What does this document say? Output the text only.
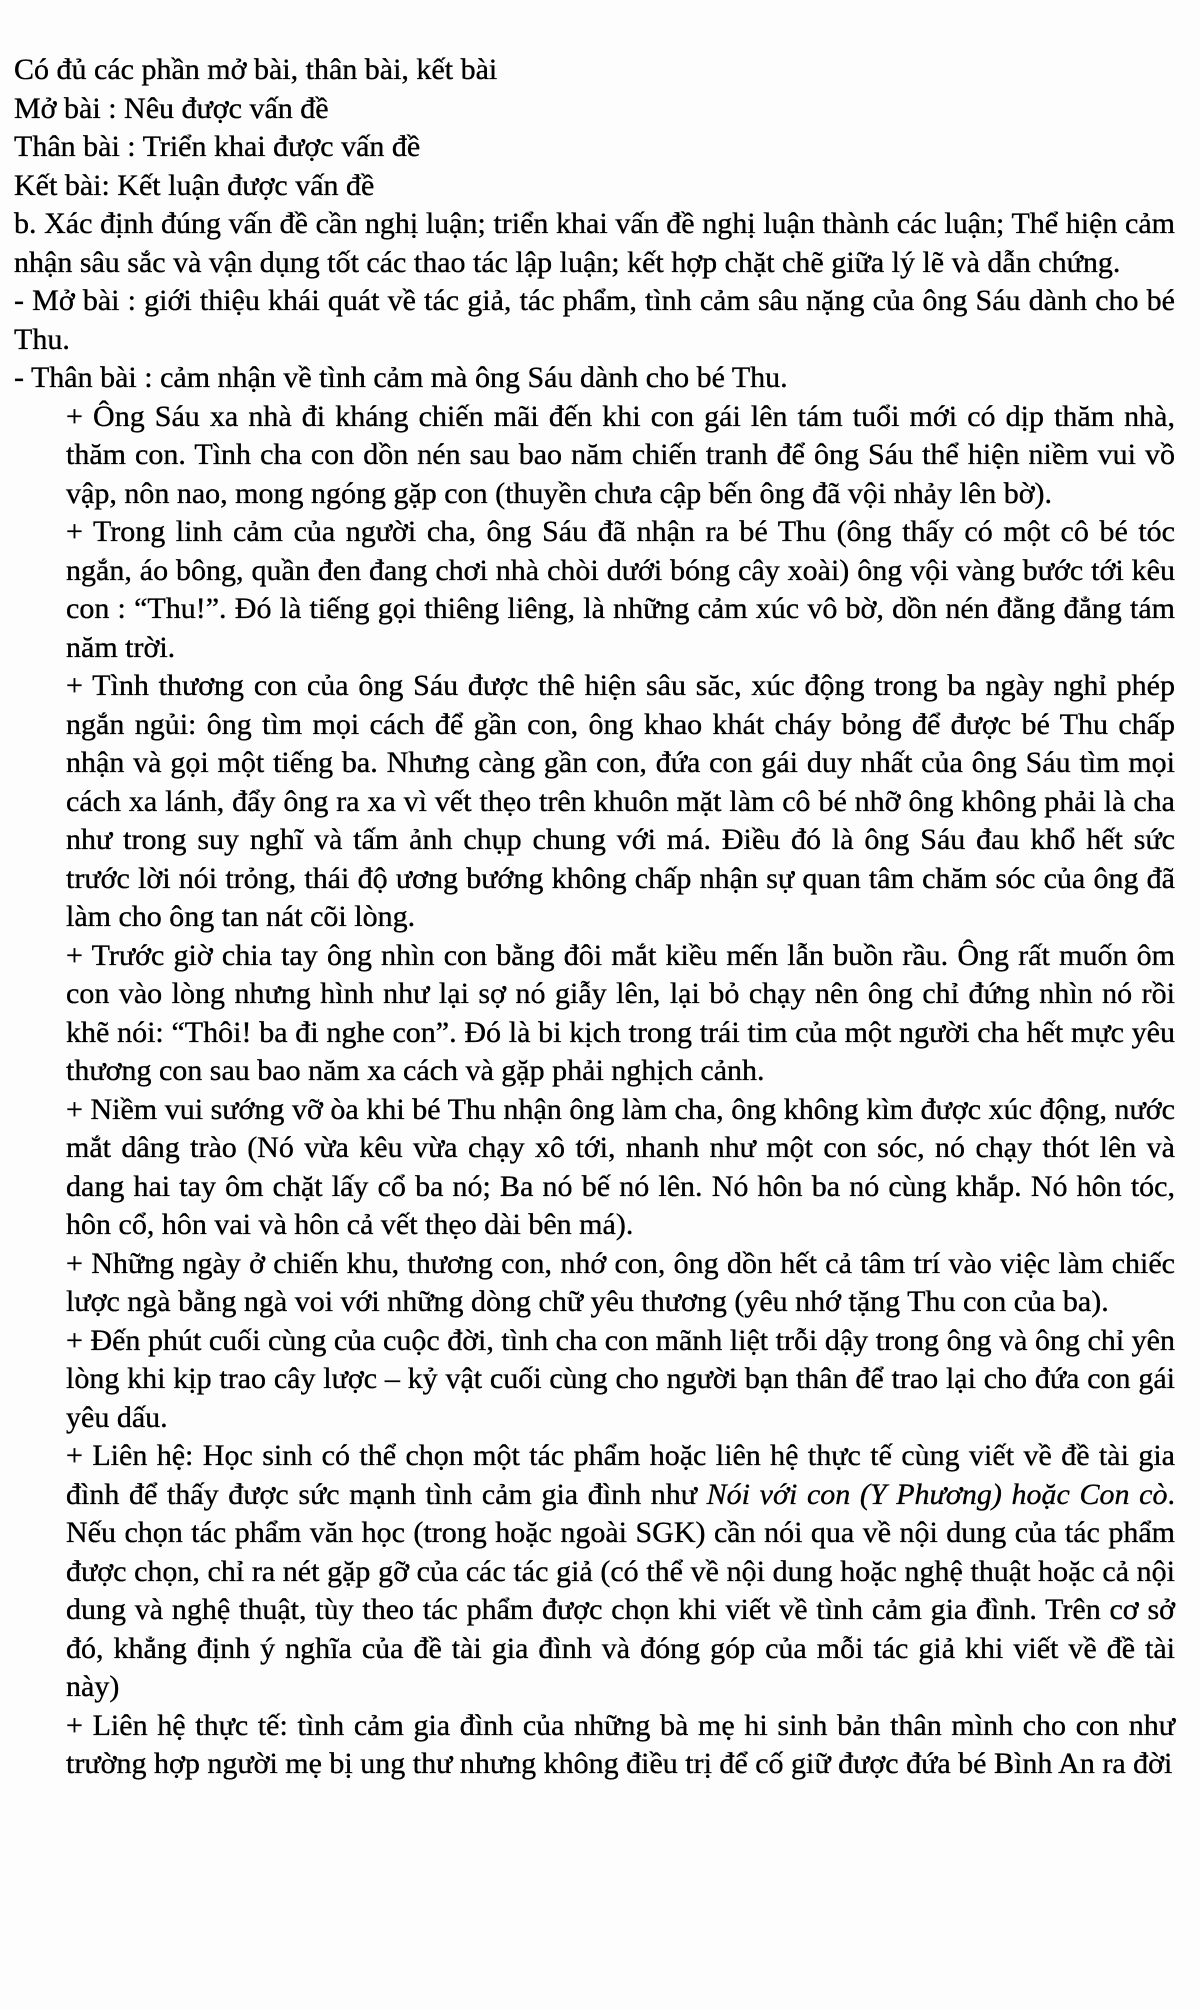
Có đủ các phần mở bài, thân bài, kết bài

Mở bài : Nêu được vấn đề

Thân bài : Triển khai được vấn đề

Kết bài: Kết luận được vấn đề

b. Xác định đúng vấn đề cần nghị luận; triển khai vấn đề nghị luận thành các luận; Thể hiện cảm nhận sâu sắc và vận dụng tốt các thao tác lập luận; kết hợp chặt chẽ giữa lý lẽ và dẫn chứng.

- Mở bài : giới thiệu khái quát về tác giả, tác phẩm, tình cảm sâu nặng của ông Sáu dành cho bé Thu.

- Thân bài : cảm nhận về tình cảm mà ông Sáu dành cho bé Thu.

+ Ông Sáu xa nhà đi kháng chiến mãi đến khi con gái lên tám tuổi mới có dịp thăm nhà, thăm con. Tình cha con dồn nén sau bao năm chiến tranh để ông Sáu thể hiện niềm vui vồ vập, nôn nao, mong ngóng gặp con (thuyền chưa cập bến ông đã vội nhảy lên bờ).

+ Trong linh cảm của người cha, ông Sáu đã nhận ra bé Thu (ông thấy có một cô bé tóc ngắn, áo bông, quần đen đang chơi nhà chòi dưới bóng cây xoài) ông vội vàng bước tới kêu con : “Thu!”. Đó là tiếng gọi thiêng liêng, là những cảm xúc vô bờ, dồn nén đằng đẳng tám năm trời.

+ Tình thương con của ông Sáu được thê hiện sâu săc, xúc động trong ba ngày nghỉ phép ngắn ngủi: ông tìm mọi cách để gần con, ông khao khát cháy bỏng để được bé Thu chấp nhận và gọi một tiếng ba. Nhưng càng gần con, đứa con gái duy nhất của ông Sáu tìm mọi cách xa lánh, đẩy ông ra xa vì vết thẹo trên khuôn mặt làm cô bé nhỡ ông không phải là cha như trong suy nghĩ và tấm ảnh chụp chung với má. Điều đó là ông Sáu đau khổ hết sức trước lời nói trỏng, thái độ ương bướng không chấp nhận sự quan tâm chăm sóc của ông đã làm cho ông tan nát cõi lòng.

+ Trước giờ chia tay ông nhìn con bằng đôi mắt kiều mến lẫn buồn rầu. Ông rất muốn ôm con vào lòng nhưng hình như lại sợ nó giẫy lên, lại bỏ chạy nên ông chỉ đứng nhìn nó rồi khẽ nói: “Thôi! ba đi nghe con”. Đó là bi kịch trong trái tim của một người cha hết mực yêu thương con sau bao năm xa cách và gặp phải nghịch cảnh.

+ Niềm vui sướng vỡ òa khi bé Thu nhận ông làm cha, ông không kìm được xúc động, nước mắt dâng trào (Nó vừa kêu vừa chạy xô tới, nhanh như một con sóc, nó chạy thót lên và dang hai tay ôm chặt lấy cổ ba nó; Ba nó bế nó lên. Nó hôn ba nó cùng khắp. Nó hôn tóc, hôn cổ, hôn vai và hôn cả vết thẹo dài bên má).

+ Những ngày ở chiến khu, thương con, nhớ con, ông dồn hết cả tâm trí vào việc làm chiếc lược ngà bằng ngà voi với những dòng chữ yêu thương (yêu nhớ tặng Thu con của ba).

+ Đến phút cuối cùng của cuộc đời, tình cha con mãnh liệt trỗi dậy trong ông và ông chỉ yên lòng khi kịp trao cây lược – kỷ vật cuối cùng cho người bạn thân để trao lại cho đứa con gái yêu dấu.

+ Liên hệ: Học sinh có thể chọn một tác phẩm hoặc liên hệ thực tế cùng viết về đề tài gia đình để thấy được sức mạnh tình cảm gia đình như Nói với con (Y Phương) hoặc Con cò. Nếu chọn tác phẩm văn học (trong hoặc ngoài SGK) cần nói qua về nội dung của tác phẩm được chọn, chỉ ra nét gặp gỡ của các tác giả (có thể về nội dung hoặc nghệ thuật hoặc cả nội dung và nghệ thuật, tùy theo tác phẩm được chọn khi viết về tình cảm gia đình. Trên cơ sở đó, khẳng định ý nghĩa của đề tài gia đình và đóng góp của mỗi tác giả khi viết về đề tài này)

+ Liên hệ thực tế: tình cảm gia đình của những bà mẹ hi sinh bản thân mình cho con như trường hợp người mẹ bị ung thư nhưng không điều trị để cố giữ được đứa bé Bình An ra đời
